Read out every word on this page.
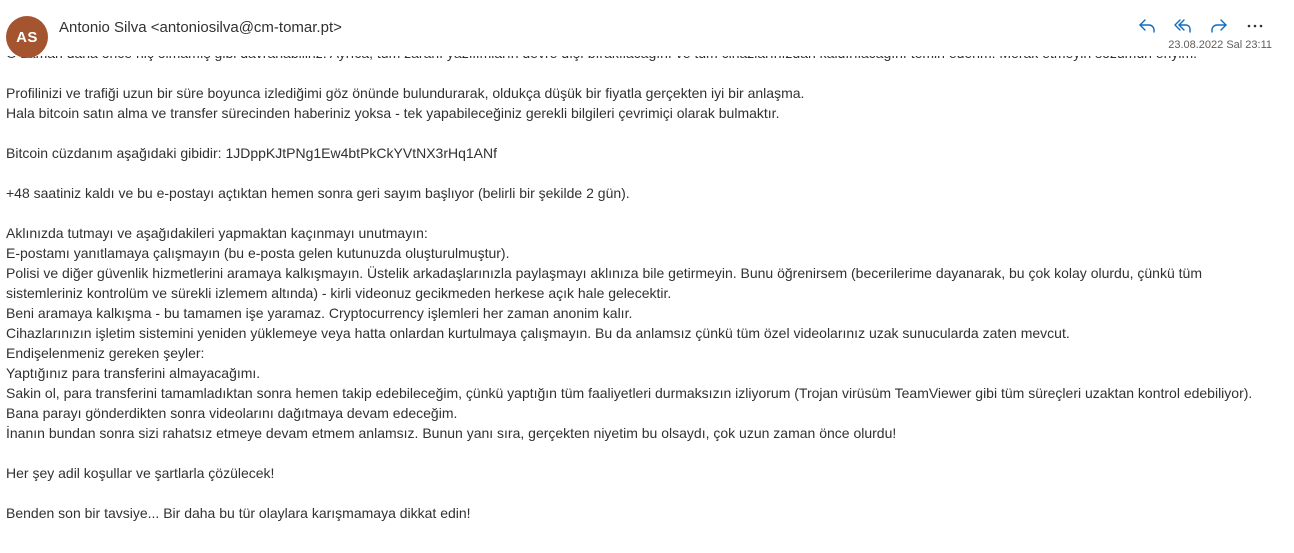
AS
Antonio Silva <antoniosilva@cm-tomar.pt>
23.08.2022 Sal 23:11

Profilinizi ve trafiği uzun bir süre boyunca izlediğimi göz önünde bulundurarak, oldukça düşük bir fiyatla gerçekten iyi bir anlaşma.

Hala bitcoin satın alma ve transfer sürecinden haberiniz yoksa - tek yapabileceğiniz gerekli bilgileri çevrimiçi olarak bulmaktır.

Bitcoin cüzdanım aşağıdaki gibidir: 1JDppKJtPNg1Ew4btPkCkYVtNX3rHq1ANf

+48 saatiniz kaldı ve bu e-postayı açtıktan hemen sonra geri sayım başlıyor (belirli bir şekilde 2 gün).

Aklınızda tutmayı ve aşağıdakileri yapmaktan kaçınmayı unutmayın:

E-postamı yanıtlamaya çalışmayın (bu e-posta gelen kutunuzda oluşturulmuştur).

Polisi ve diğer güvenlik hizmetlerini aramaya kalkışmayın. Üstelik arkadaşlarınızla paylaşmayı aklınıza bile getirmeyin. Bunu öğrenirsem (becerilerime dayanarak, bu çok kolay olurdu, çünkü tüm sistemleriniz kontrolüm ve sürekli izlemem altında) - kirli videonuz gecikmeden herkese açık hale gelecektir.

Beni aramaya kalkışma - bu tamamen işe yaramaz. Cryptocurrency işlemleri her zaman anonim kalır.

Cihazlarınızın işletim sistemini yeniden yüklemeye veya hatta onlardan kurtulmaya çalışmayın. Bu da anlamsız çünkü tüm özel videolarınız uzak sunucularda zaten mevcut.

Endişelenmeniz gereken şeyler:

Yaptığınız para transferini almayacağımı.

Sakin ol, para transferini tamamladıktan sonra hemen takip edebileceğim, çünkü yaptığın tüm faaliyetleri durmaksızın izliyorum (Trojan virüsüm TeamViewer gibi tüm süreçleri uzaktan kontrol edebiliyor).

Bana parayı gönderdikten sonra videolarını dağıtmaya devam edeceğim.

İnanın bundan sonra sizi rahatsız etmeye devam etmem anlamsız. Bunun yanı sıra, gerçekten niyetim bu olsaydı, çok uzun zaman önce olurdu!

Her şey adil koşullar ve şartlarla çözülecek!

Benden son bir tavsiye... Bir daha bu tür olaylara karışmamaya dikkat edin!
